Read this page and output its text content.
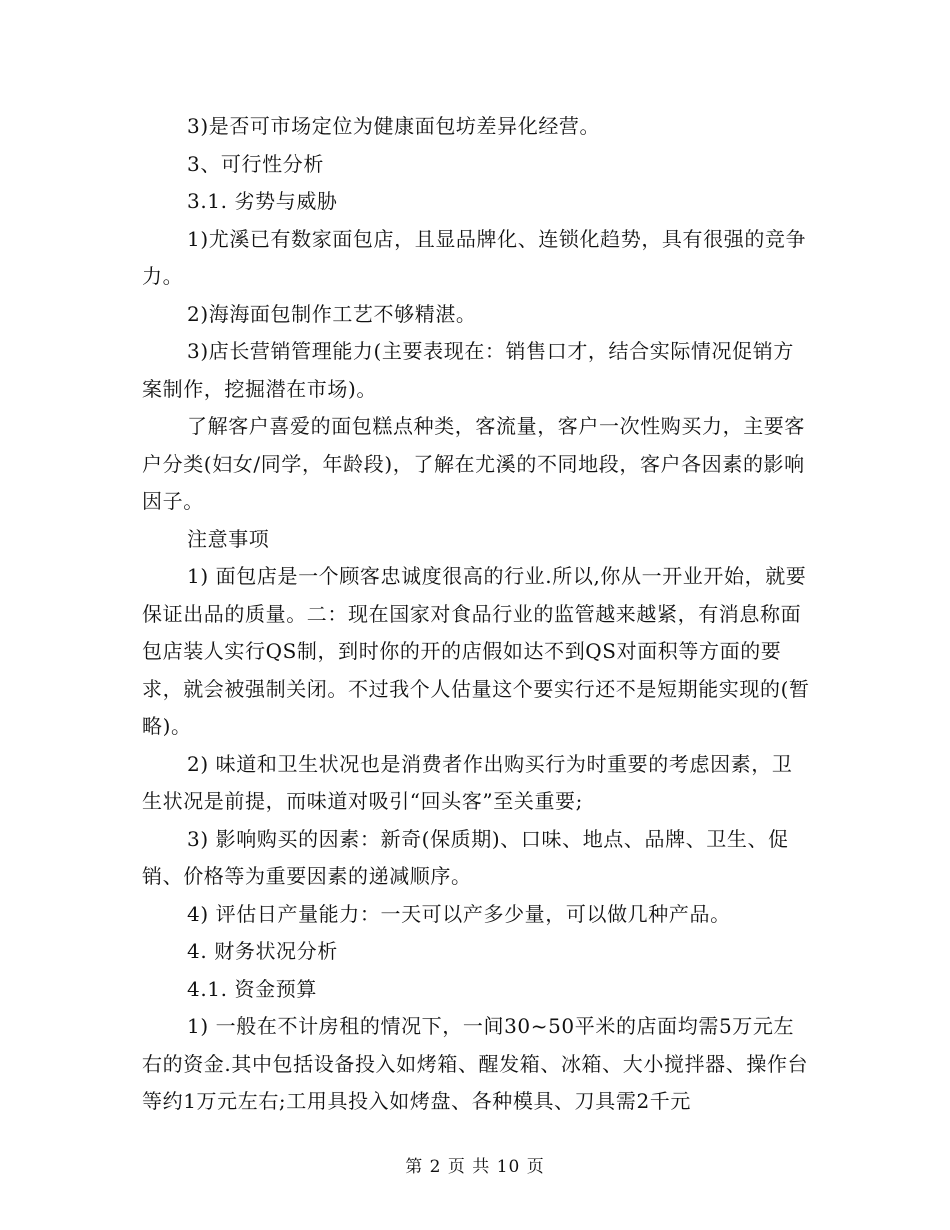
3)是否可市场定位为健康面包坊差异化经营。

3、可行性分析

3.1. 劣势与威胁

1)尤溪已有数家面包店，且显品牌化、连锁化趋势，具有很强的竞争力。

2)海海面包制作工艺不够精湛。

3)店长营销管理能力(主要表现在：销售口才，结合实际情况促销方案制作，挖掘潜在市场)。

了解客户喜爱的面包糕点种类，客流量，客户一次性购买力，主要客户分类(妇女/同学，年龄段)，了解在尤溪的不同地段，客户各因素的影响因子。

注意事项

1) 面包店是一个顾客忠诚度很高的行业.所以,你从一开业开始，就要保证出品的质量。二：现在国家对食品行业的监管越来越紧，有消息称面包店装人实行QS制，到时你的开的店假如达不到QS对面积等方面的要求，就会被强制关闭。不过我个人估量这个要实行还不是短期能实现的(暂略)。

2) 味道和卫生状况也是消费者作出购买行为时重要的考虑因素，卫生状况是前提，而味道对吸引“回头客”至关重要;

3) 影响购买的因素：新奇(保质期)、口味、地点、品牌、卫生、促销、价格等为重要因素的递减顺序。

4) 评估日产量能力：一天可以产多少量，可以做几种产品。

4. 财务状况分析

4.1. 资金预算

1) 一般在不计房租的情况下，一间30~50平米的店面均需5万元左右的资金.其中包括设备投入如烤箱、醒发箱、冰箱、大小搅拌器、操作台等约1万元左右;工用具投入如烤盘、各种模具、刀具需2千元

第 2 页 共 10 页
